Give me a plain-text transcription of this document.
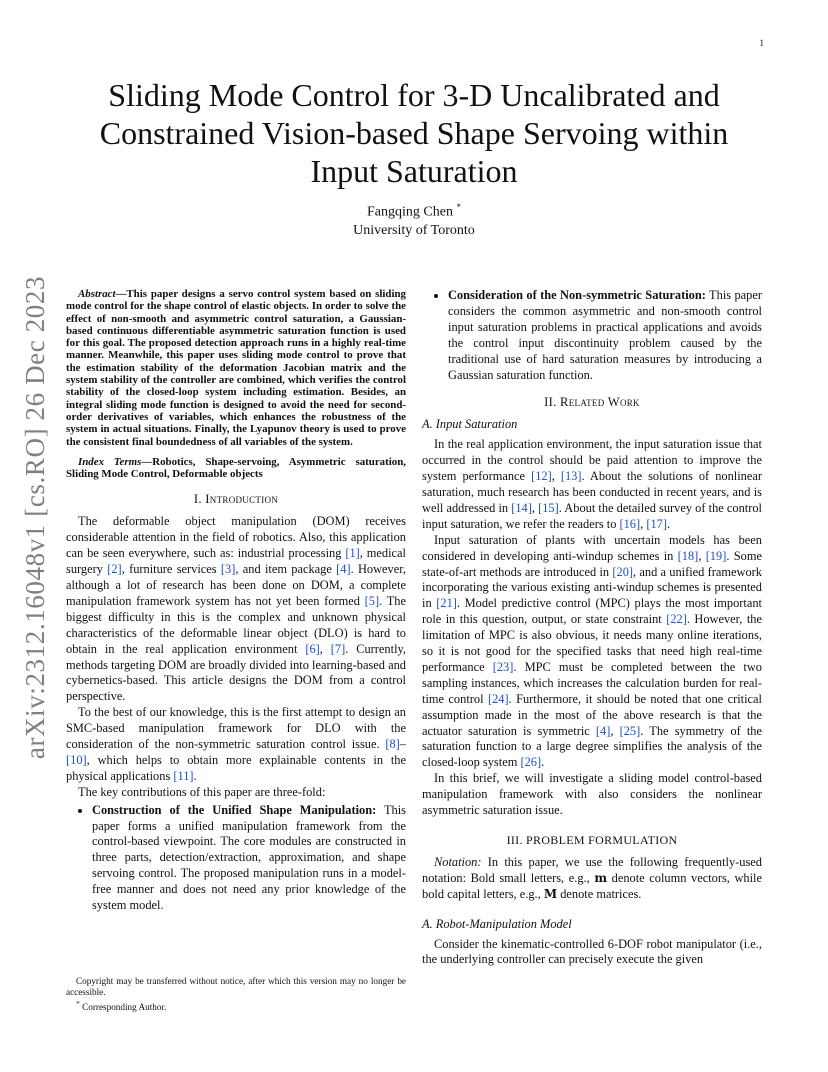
1
arXiv:2312.16048v1 [cs.RO] 26 Dec 2023
Sliding Mode Control for 3-D Uncalibrated and Constrained Vision-based Shape Servoing within Input Saturation
Fangqing Chen *
University of Toronto

Abstract—This paper designs a servo control system based on sliding mode control for the shape control of elastic objects. In order to solve the effect of non-smooth and asymmetric control saturation, a Gaussian-based continuous differentiable asymmetric saturation function is used for this goal. The proposed detection approach runs in a highly real-time manner. Meanwhile, this paper uses sliding mode control to prove that the estimation stability of the deformation Jacobian matrix and the system stability of the controller are combined, which verifies the control stability of the closed-loop system including estimation. Besides, an integral sliding mode function is designed to avoid the need for second-order derivatives of variables, which enhances the robustness of the system in actual situations. Finally, the Lyapunov theory is used to prove the consistent final boundedness of all variables of the system.

Index Terms—Robotics, Shape-servoing, Asymmetric saturation, Sliding Mode Control, Deformable objects

I. Introduction

The deformable object manipulation (DOM) receives considerable attention in the field of robotics. Also, this application can be seen everywhere, such as: industrial processing [1], medical surgery [2], furniture services [3], and item package [4]. However, although a lot of research has been done on DOM, a complete manipulation framework system has not yet been formed [5]. The biggest difficulty in this is the complex and unknown physical characteristics of the deformable linear object (DLO) is hard to obtain in the real application environment [6], [7]. Currently, methods targeting DOM are broadly divided into learning-based and cybernetics-based. This article designs the DOM from a control perspective.

To the best of our knowledge, this is the first attempt to design an SMC-based manipulation framework for DLO with the consideration of the non-symmetric saturation control issue. [8]–[10], which helps to obtain more explainable contents in the physical applications [11].

The key contributions of this paper are three-fold:

• Construction of the Unified Shape Manipulation: This paper forms a unified manipulation framework from the control-based viewpoint. The core modules are constructed in three parts, detection/extraction, approximation, and shape servoing control. The proposed manipulation runs in a model-free manner and does not need any prior knowledge of the system model.

Copyright may be transferred without notice, after which this version may no longer be accessible.

* Corresponding Author.

• Consideration of the Non-symmetric Saturation: This paper considers the common asymmetric and non-smooth control input saturation problems in practical applications and avoids the control input discontinuity problem caused by the traditional use of hard saturation measures by introducing a Gaussian saturation function.
II. Related Work
A. Input Saturation

In the real application environment, the input saturation issue that occurred in the control should be paid attention to improve the system performance [12], [13]. About the solutions of nonlinear saturation, much research has been conducted in recent years, and is well addressed in [14], [15]. About the detailed survey of the control input saturation, we refer the readers to [16], [17].

Input saturation of plants with uncertain models has been considered in developing anti-windup schemes in [18], [19]. Some state-of-art methods are introduced in [20], and a unified framework incorporating the various existing anti-windup schemes is presented in [21]. Model predictive control (MPC) plays the most important role in this question, output, or state constraint [22]. However, the limitation of MPC is also obvious, it needs many online iterations, so it is not good for the specified tasks that need high real-time performance [23]. MPC must be completed between the two sampling instances, which increases the calculation burden for real-time control [24]. Furthermore, it should be noted that one critical assumption made in the most of the above research is that the actuator saturation is symmetric [4], [25]. The symmetry of the saturation function to a large degree simplifies the analysis of the closed-loop system [26].

In this brief, we will investigate a sliding model control-based manipulation framework with also considers the nonlinear asymmetric saturation issue.

III. PROBLEM FORMULATION

Notation: In this paper, we use the following frequently-used notation: Bold small letters, e.g., m denote column vectors, while bold capital letters, e.g., M denote matrices.

A. Robot-Manipulation Model

Consider the kinematic-controlled 6-DOF robot manipulator (i.e., the underlying controller can precisely execute the given
